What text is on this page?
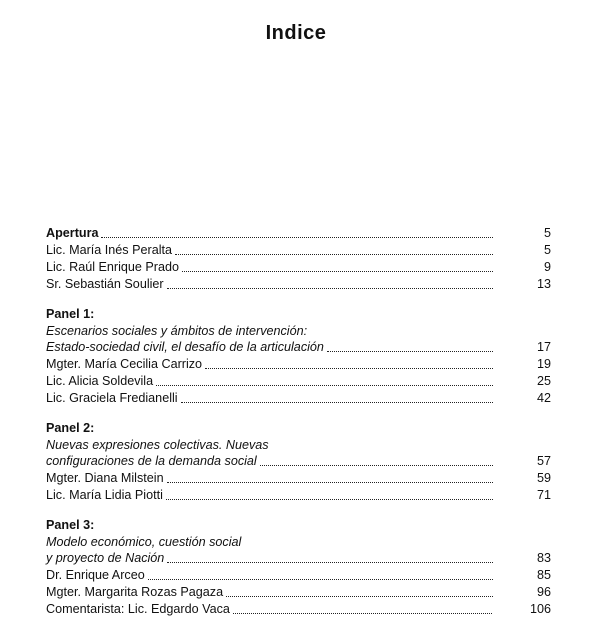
Indice
Apertura	5
Lic. María Inés Peralta	5
Lic. Raúl Enrique Prado	9
Sr. Sebastián Soulier	13
Panel 1:
Escenarios sociales y ámbitos de intervención:
Estado-sociedad civil, el desafío de la articulación	17
Mgter. María Cecilia Carrizo	19
Lic. Alicia Soldevila	25
Lic. Graciela Fredianelli	42
Panel 2:
Nuevas expresiones colectivas. Nuevas
configuraciones de la demanda social	57
Mgter. Diana Milstein	59
Lic. María Lidia Piotti	71
Panel 3:
Modelo económico, cuestión social
y proyecto de Nación	83
Dr. Enrique Arceo	85
Mgter. Margarita Rozas Pagaza	96
Comentarista: Lic. Edgardo Vaca	106
